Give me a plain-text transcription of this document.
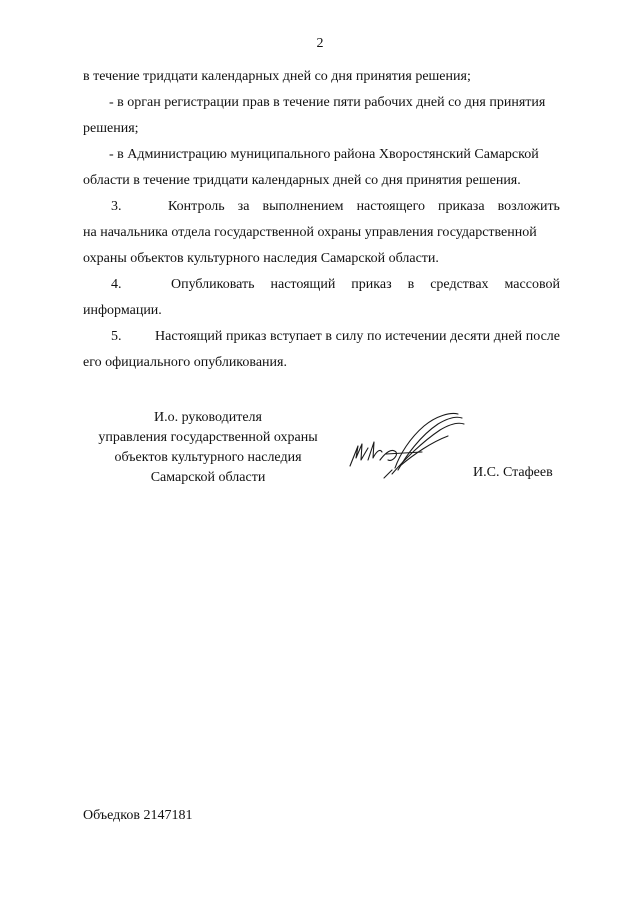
2

в течение тридцати календарных дней со дня принятия решения;

- в орган регистрации прав в течение пяти рабочих дней со дня принятия

решения;

- в Администрацию муниципального района Хворостянский Самарской

области в течение тридцати календарных дней со дня принятия решения.

3.	Контроль за выполнением настоящего приказа возложить

на начальника отдела государственной охраны управления государственной

охраны объектов культурного наследия Самарской области.

4.	Опубликовать настоящий приказ в средствах массовой

информации.

5.	Настоящий приказ вступает в силу по истечении десяти дней после

его официального опубликования.

И.о. руководителя
управления государственной охраны
объектов культурного наследия
Самарской области	И.С. Стафеев
Объедков 2147181
